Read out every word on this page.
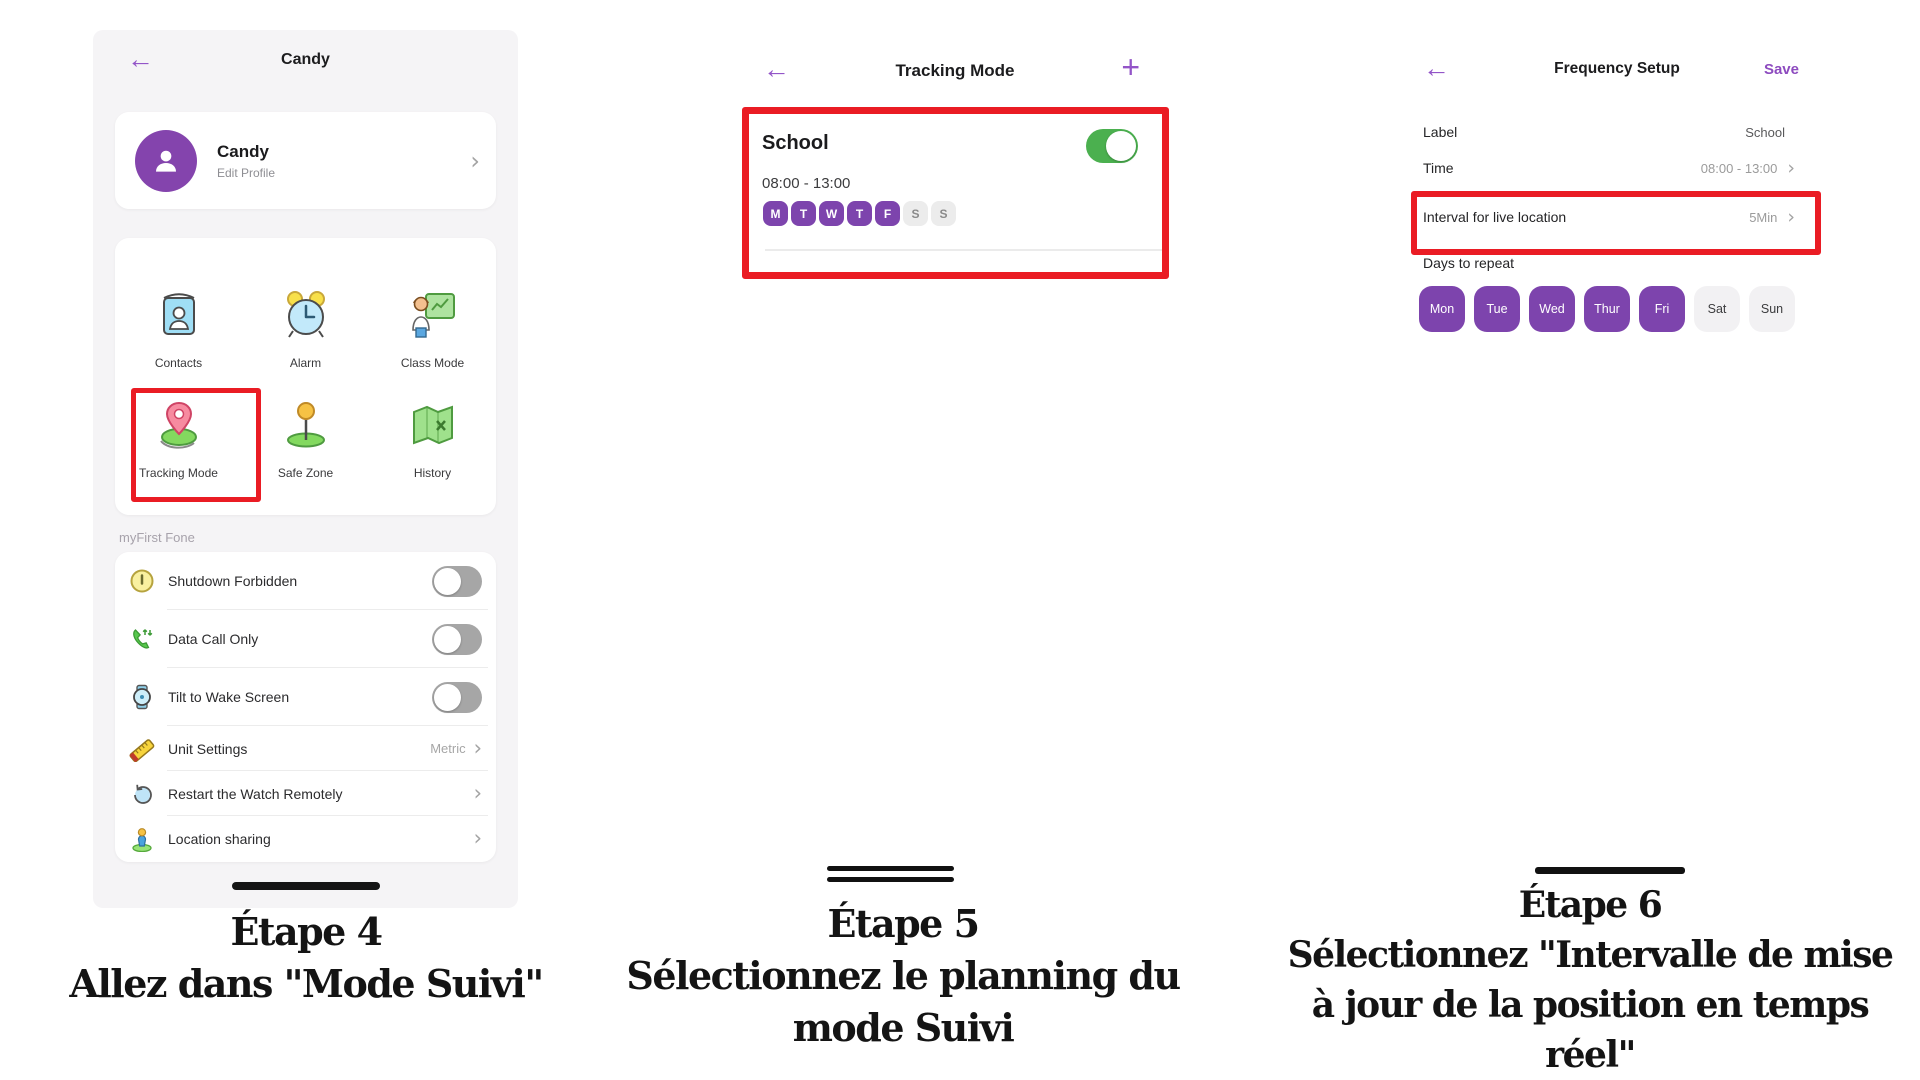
←	Candy
Candy
Edit Profile	›
Contacts	Alarm	Class Mode
Tracking Mode	Safe Zone	History
myFirst Fone
Shutdown Forbidden
Data Call Only
Tilt to Wake Screen
Unit Settings	Metric ›
Restart the Watch Remotely	›
Location sharing	›
Étape 4
Allez dans "Mode Suivi"
←	Tracking Mode	+
School
08:00 - 13:00
M	T	W	T	F	S	S
Étape 5
Sélectionnez le planning du
mode Suivi
←	Frequency Setup	Save
Label	School
Time	08:00 - 13:00 ›
Interval for live location	5Min ›
Days to repeat
Mon	Tue	Wed	Thur	Fri	Sat	Sun
Étape 6
Sélectionnez "Intervalle de mise
à jour de la position en temps
réel"
